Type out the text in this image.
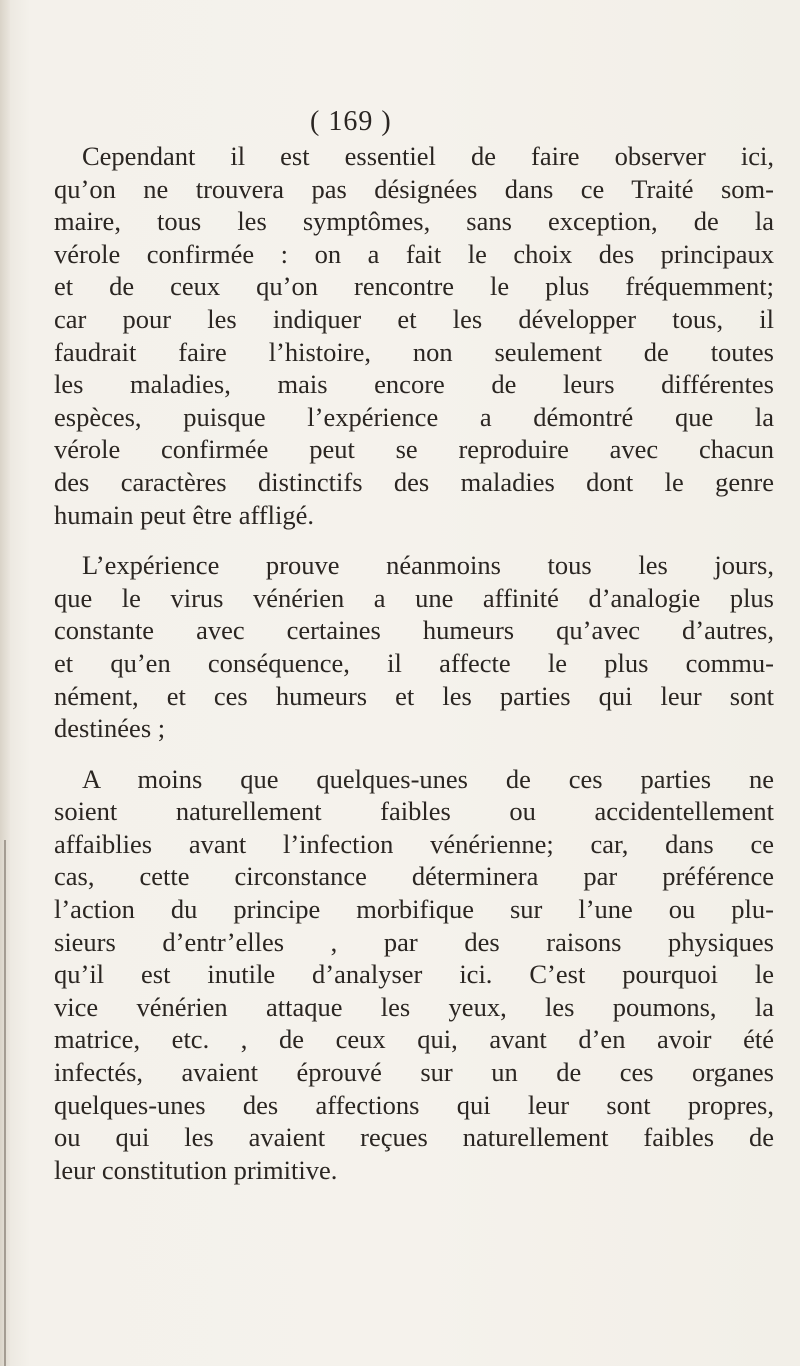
( 169 )

Cependant il est essentiel de faire observer ici,
qu’on ne trouvera pas désignées dans ce Traité som-
maire, tous les symptômes, sans exception, de la
vérole confirmée : on a fait le choix des principaux
et de ceux qu’on rencontre le plus fréquemment;
car pour les indiquer et les développer tous, il
faudrait faire l’histoire, non seulement de toutes
les maladies, mais encore de leurs différentes
espèces, puisque l’expérience a démontré que la
vérole confirmée peut se reproduire avec chacun
des caractères distinctifs des maladies dont le genre
humain peut être affligé.

L’expérience prouve néanmoins tous les jours,
que le virus vénérien a une affinité d’analogie plus
constante avec certaines humeurs qu’avec d’autres,
et qu’en conséquence, il affecte le plus commu-
nément, et ces humeurs et les parties qui leur sont
destinées ;

A moins que quelques-unes de ces parties ne
soient naturellement faibles ou accidentellement
affaiblies avant l’infection vénérienne; car, dans ce
cas, cette circonstance déterminera par préférence
l’action du principe morbifique sur l’une ou plu-
sieurs d’entr’elles , par des raisons physiques
qu’il est inutile d’analyser ici. C’est pourquoi le
vice vénérien attaque les yeux, les poumons, la
matrice, etc. , de ceux qui, avant d’en avoir été
infectés, avaient éprouvé sur un de ces organes
quelques-unes des affections qui leur sont propres,
ou qui les avaient reçues naturellement faibles de
leur constitution primitive.
